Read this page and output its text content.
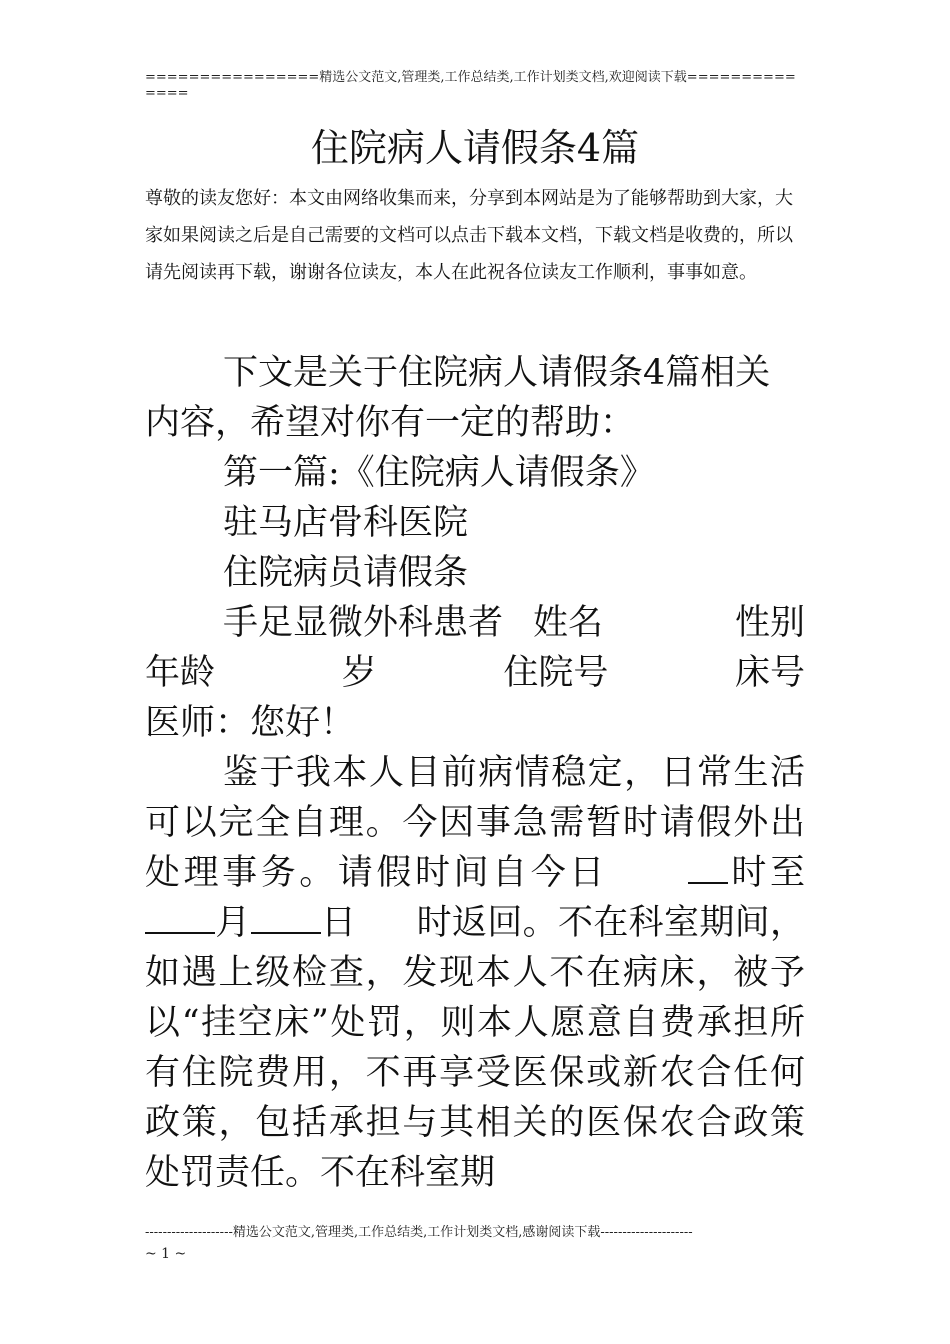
================精选公文范文,管理类,工作总结类,工作计划类文档,欢迎阅读下载==============
住院病人请假条4篇
尊敬的读友您好：本文由网络收集而来，分享到本网站是为了能够帮助到大家，大家如果阅读之后是自己需要的文档可以点击下载本文档，下载文档是收费的，所以请先阅读再下载，谢谢各位读友，本人在此祝各位读友工作顺利，事事如意。

下文是关于住院病人请假条4篇相关内容，希望对你有一定的帮助：

第一篇:《住院病人请假条》

驻马店骨科医院

住院病员请假条

手足显微外科患者 姓名	性别
年龄	岁	住院号	床号

医师：您好！

鉴于我本人目前病情稳定，日常生活可以完全自理。今因事急需暂时请假外出处理事务。请假时间自今日	时至月 日 时返回。不在科室期间，如遇上级检查，发现本人不在病床，被予以“挂空床”处罚，则本人愿意自费承担所有住院费用，不再享受医保或新农合任何政策，包括承担与其相关的医保农合政策处罚责任。不在科室期

--------------------精选公文范文,管理类,工作总结类,工作计划类文档,感谢阅读下载---------------------
~ 1 ~
